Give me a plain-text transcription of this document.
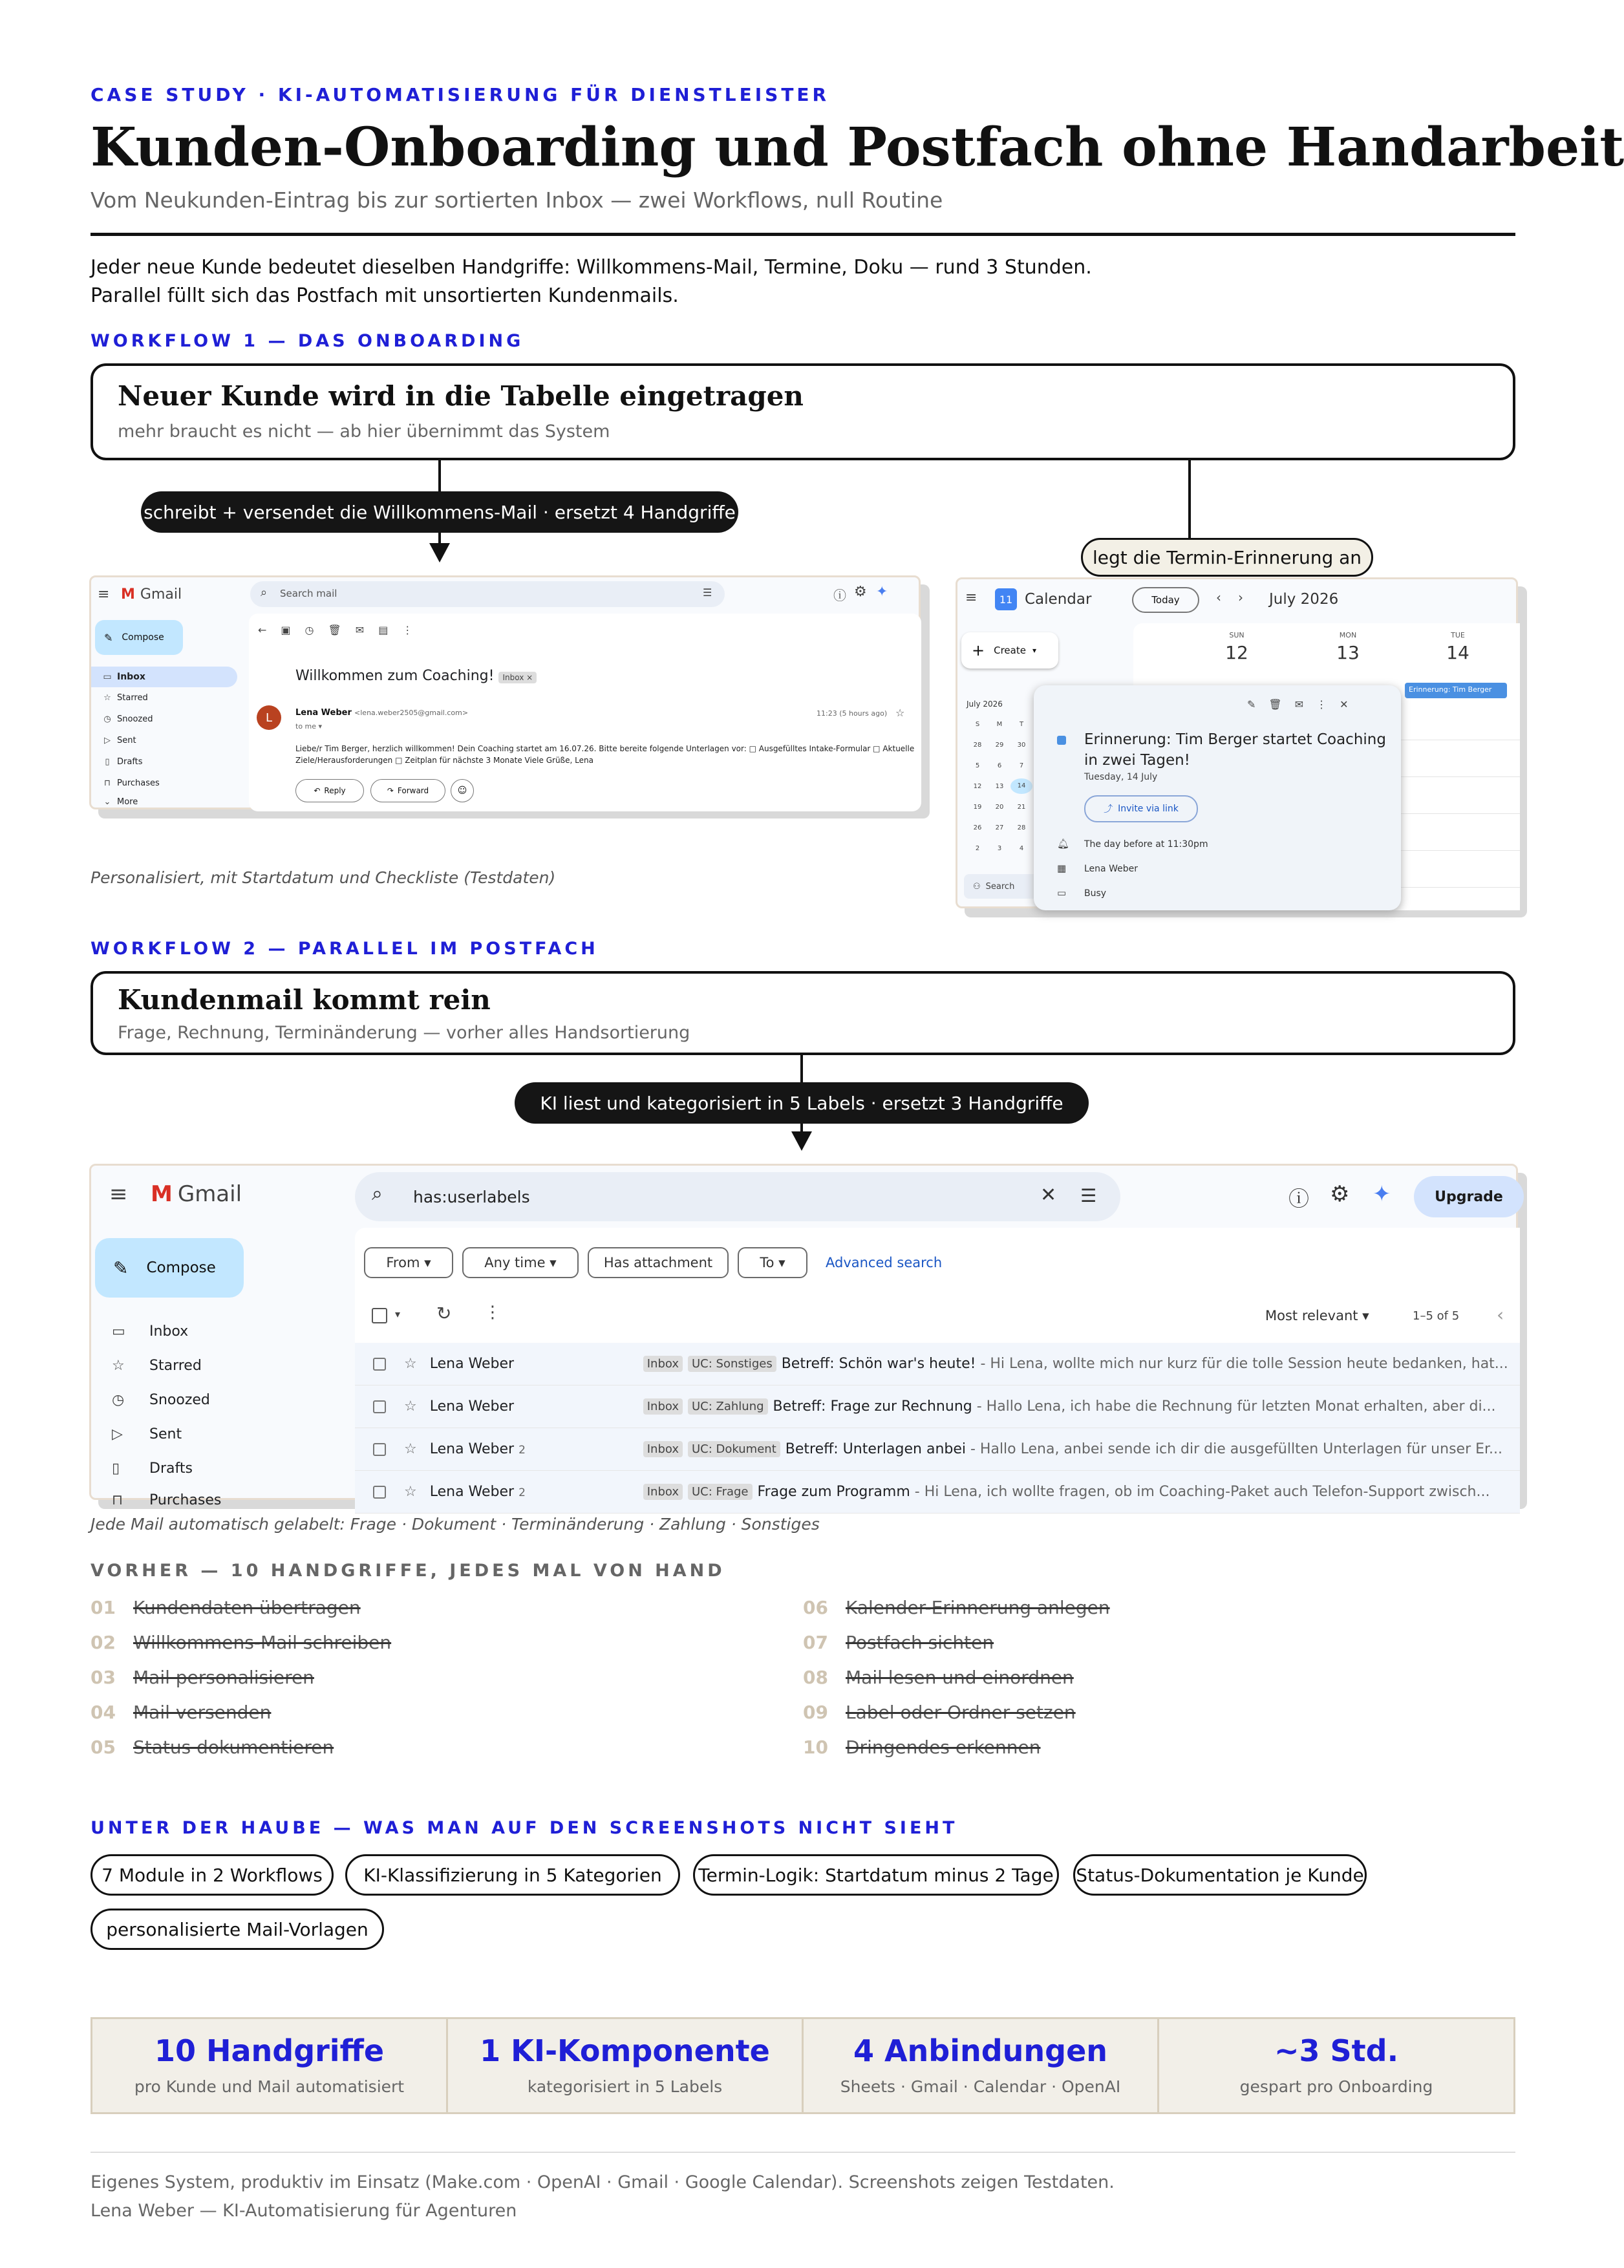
CASE STUDY · KI-AUTOMATISIERUNG FÜR DIENSTLEISTER
Kunden-Onboarding und Postfach ohne Handarbeit
Vom Neukunden-Eintrag bis zur sortierten Inbox — zwei Workflows, null Routine
Jeder neue Kunde bedeutet dieselben Handgriffe: Willkommens-Mail, Termine, Doku — rund 3 Stunden.
Parallel füllt sich das Postfach mit unsortierten Kundenmails.
WORKFLOW 1 — DAS ONBOARDING
Neuer Kunde wird in die Tabelle eingetragen
mehr braucht es nicht — ab hier übernimmt das System
schreibt + versendet die Willkommens-Mail · ersetzt 4 Handgriffe
legt die Termin-Erinnerung an
≡ M Gmail	⌕ Search mail	☰	ⓘ ⚙ ✦
✎ Compose
▭ Inbox
☆ Starred
◷ Snoozed
▷ Sent
▯ Drafts
⊓ Purchases
⌄ More
←▣◷🗑✉▤⋮
Willkommen zum Coaching! Inbox ×
L	Lena Weber <lena.weber2505@gmail.com>
to me ▾
11:23 (5 hours ago) ☆
Liebe/r Tim Berger, herzlich willkommen! Dein Coaching startet am 16.07.26. Bitte bereite folgende Unterlagen vor: □ Ausgefülltes Intake-Formular □ Aktuelle Ziele/Herausforderungen □ Zeitplan für nächste 3 Monate Viele Grüße, Lena
↶ Reply	↷ Forward	☺
Personalisiert, mit Startdatum und Checkliste (Testdaten)
≡	11 Calendar	Today	‹ › July 2026
+ Create ▾
SUN
12
MON
13
TUE
14
Erinnerung: Tim Berger
July 2026
S	M	T
28	29	30
5	6	7
12	13	14
19	20	21
26	27	28
2	3	4
⚇ Search
✎ 🗑 ✉ ⋮ ✕
Erinnerung: Tim Berger startet Coaching in zwei Tagen!
Tuesday, 14 July
⤴ Invite via link
🔔︎ The day before at 11:30pm
▦ Lena Weber
▭ Busy
WORKFLOW 2 — PARALLEL IM POSTFACH
Kundenmail kommt rein
Frage, Rechnung, Terminänderung — vorher alles Handsortierung
KI liest und kategorisiert in 5 Labels · ersetzt 3 Handgriffe
≡ M Gmail	⌕ has:userlabels	✕ ☰	ⓘ ⚙ ✦	Upgrade
✎ Compose
▭	Inbox
☆	Starred
◷	Snoozed
▷	Sent
▯	Drafts
⊓	Purchases
From ▾	Any time ▾	Has attachment	To ▾	Advanced search
▾ ↻ ⋮	Most relevant ▾	1–5 of 5 ‹
☆ Lena Weber	Inbox	UC: Sonstiges Betreff: Schön war's heute! - Hi Lena, wollte mich nur kurz für die tolle Session heute bedanken, hat...
☆ Lena Weber	Inbox	UC: Zahlung Betreff: Frage zur Rechnung - Hallo Lena, ich habe die Rechnung für letzten Monat erhalten, aber di...
☆ Lena Weber 2	Inbox	UC: Dokument Betreff: Unterlagen anbei - Hallo Lena, anbei sende ich dir die ausgefüllten Unterlagen für unser Er...
☆ Lena Weber 2	Inbox	UC: Frage Frage zum Programm - Hi Lena, ich wollte fragen, ob im Coaching-Paket auch Telefon-Support zwisch...
Jede Mail automatisch gelabelt: Frage · Dokument · Terminänderung · Zahlung · Sonstiges
VORHER — 10 HANDGRIFFE, JEDES MAL VON HAND
01 Kundendaten übertragen
02 Willkommens-Mail schreiben
03 Mail personalisieren
04 Mail versenden
05 Status dokumentieren
06 Kalender-Erinnerung anlegen
07 Postfach sichten
08 Mail lesen und einordnen
09 Label oder Ordner setzen
10 Dringendes erkennen
UNTER DER HAUBE — WAS MAN AUF DEN SCREENSHOTS NICHT SIEHT
7 Module in 2 Workflows	KI-Klassifizierung in 5 Kategorien	Termin-Logik: Startdatum minus 2 Tage Status-Dokumentation je Kunde
personalisierte Mail-Vorlagen
10 Handgriffe
pro Kunde und Mail automatisiert
1 KI-Komponente
kategorisiert in 5 Labels
4 Anbindungen
Sheets · Gmail · Calendar · OpenAI
~3 Std.
gespart pro Onboarding
Eigenes System, produktiv im Einsatz (Make.com · OpenAI · Gmail · Google Calendar). Screenshots zeigen Testdaten.
Lena Weber — KI-Automatisierung für Agenturen
